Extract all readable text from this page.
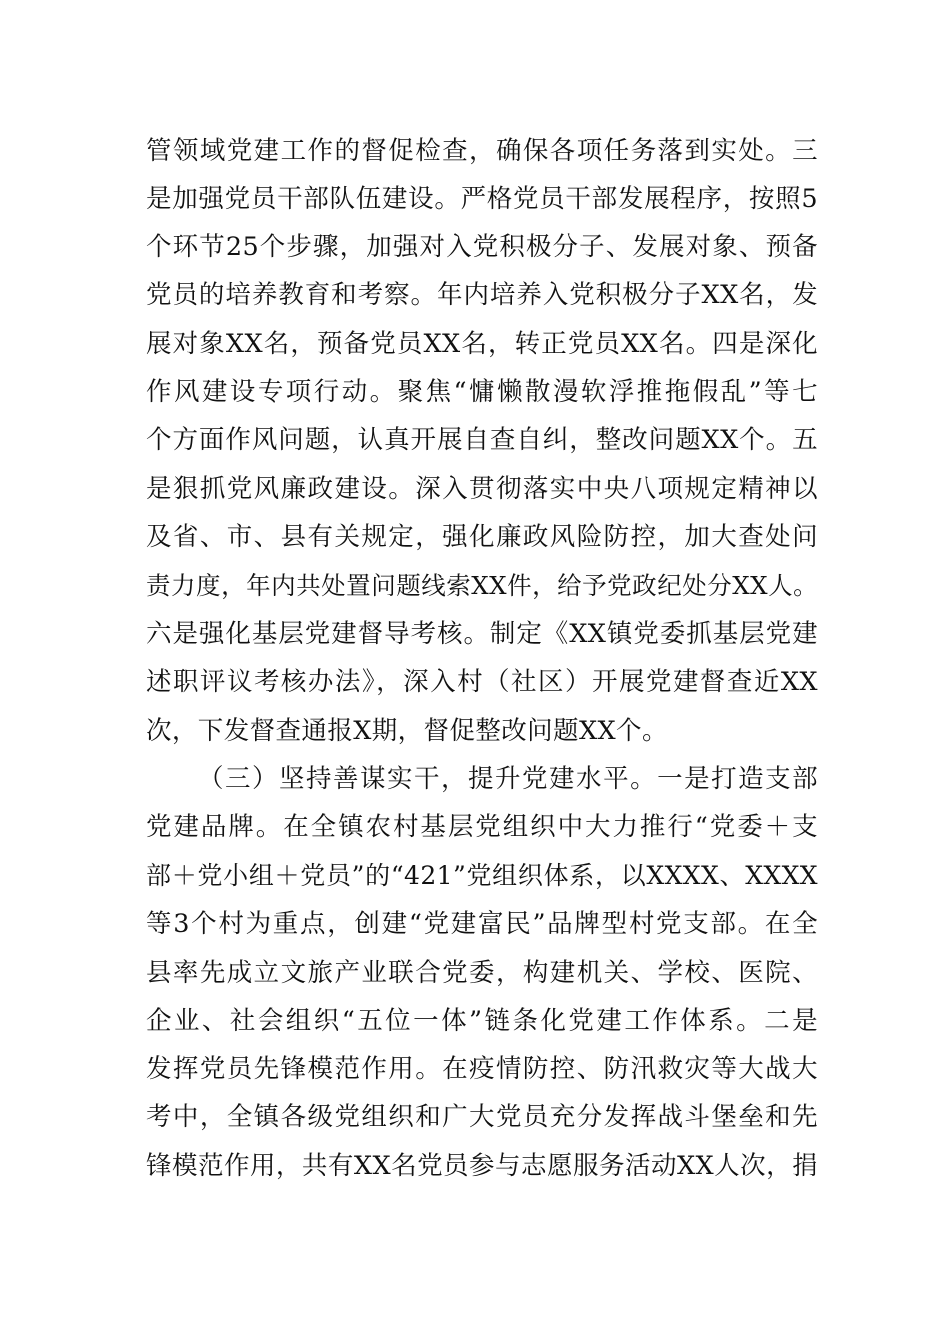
管领域党建工作的督促检查，确保各项任务落到实处。三
是加强党员干部队伍建设。严格党员干部发展程序，按照5
个环节25个步骤，加强对入党积极分子、发展对象、预备
党员的培养教育和考察。年内培养入党积极分子XX名，发
展对象XX名，预备党员XX名，转正党员XX名。四是深化
作风建设专项行动。聚焦“慵懒散漫软浮推拖假乱”等七
个方面作风问题，认真开展自查自纠，整改问题XX个。五
是狠抓党风廉政建设。深入贯彻落实中央八项规定精神以
及省、市、县有关规定，强化廉政风险防控，加大查处问
责力度，年内共处置问题线索XX件，给予党政纪处分XX人。
六是强化基层党建督导考核。制定《XX镇党委抓基层党建
述职评议考核办法》，深入村（社区）开展党建督查近XX
次，下发督查通报X期，督促整改问题XX个。
（三）坚持善谋实干，提升党建水平。一是打造支部
党建品牌。在全镇农村基层党组织中大力推行“党委＋支
部＋党小组＋党员”的“421”党组织体系，以XXXX、XXXX
等3个村为重点，创建“党建富民”品牌型村党支部。在全
县率先成立文旅产业联合党委，构建机关、学校、医院、
企业、社会组织“五位一体”链条化党建工作体系。二是
发挥党员先锋模范作用。在疫情防控、防汛救灾等大战大
考中，全镇各级党组织和广大党员充分发挥战斗堡垒和先
锋模范作用，共有XX名党员参与志愿服务活动XX人次，捐
